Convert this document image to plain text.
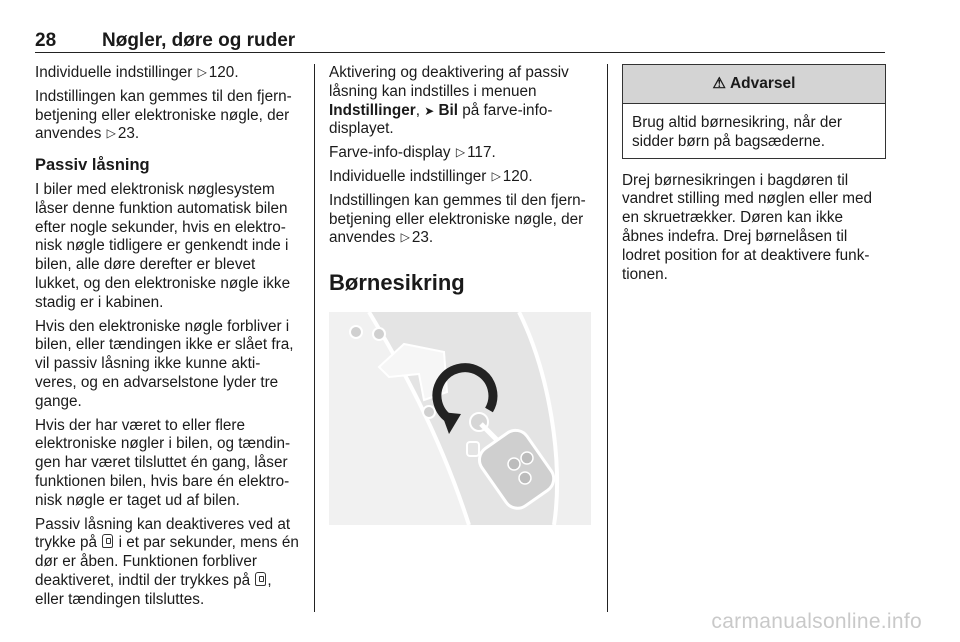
28 Nøgler, døre og ruder

Individuelle indstillinger ▷ 120.

Indstillingen kan gemmes til den fjern-betjening eller elektroniske nøgle, der anvendes ▷ 23.

Passiv låsning

I biler med elektronisk nøglesystem låser denne funktion automatisk bilen efter nogle sekunder, hvis en elektro-nisk nøgle tidligere er genkendt inde i bilen, alle døre derefter er blevet lukket, og den elektroniske nøgle ikke stadig er i kabinen.

Hvis den elektroniske nøgle forbliver i bilen, eller tændingen ikke er slået fra, vil passiv låsning ikke kunne akti-veres, og en advarselstone lyder tre gange.

Hvis der har været to eller flere elektroniske nøgler i bilen, og tændin-gen har været tilsluttet én gang, låser funktionen bilen, hvis bare én elektro-nisk nøgle er taget ud af bilen.

Passiv låsning kan deaktiveres ved at trykke på i et par sekunder, mens én dør er åben. Funktionen forbliver deaktiveret, indtil der trykkes på , eller tændingen tilsluttes.

Aktivering og deaktivering af passiv låsning kan indstilles i menuen Indstillinger, ➤ Bil på farve-info-displayet.

Farve-info-display ▷ 117.

Individuelle indstillinger ▷ 120.

Indstillingen kan gemmes til den fjern-betjening eller elektroniske nøgle, der anvendes ▷ 23.

Børnesikring
⚠ Advarsel
Brug altid børnesikring, når der sidder børn på bagsæderne.

Drej børnesikringen i bagdøren til vandret stilling med nøglen eller med en skruetrækker. Døren kan ikke åbnes indefra. Drej børnelåsen til lodret position for at deaktivere funk-tionen.

carmanualsonline.info
